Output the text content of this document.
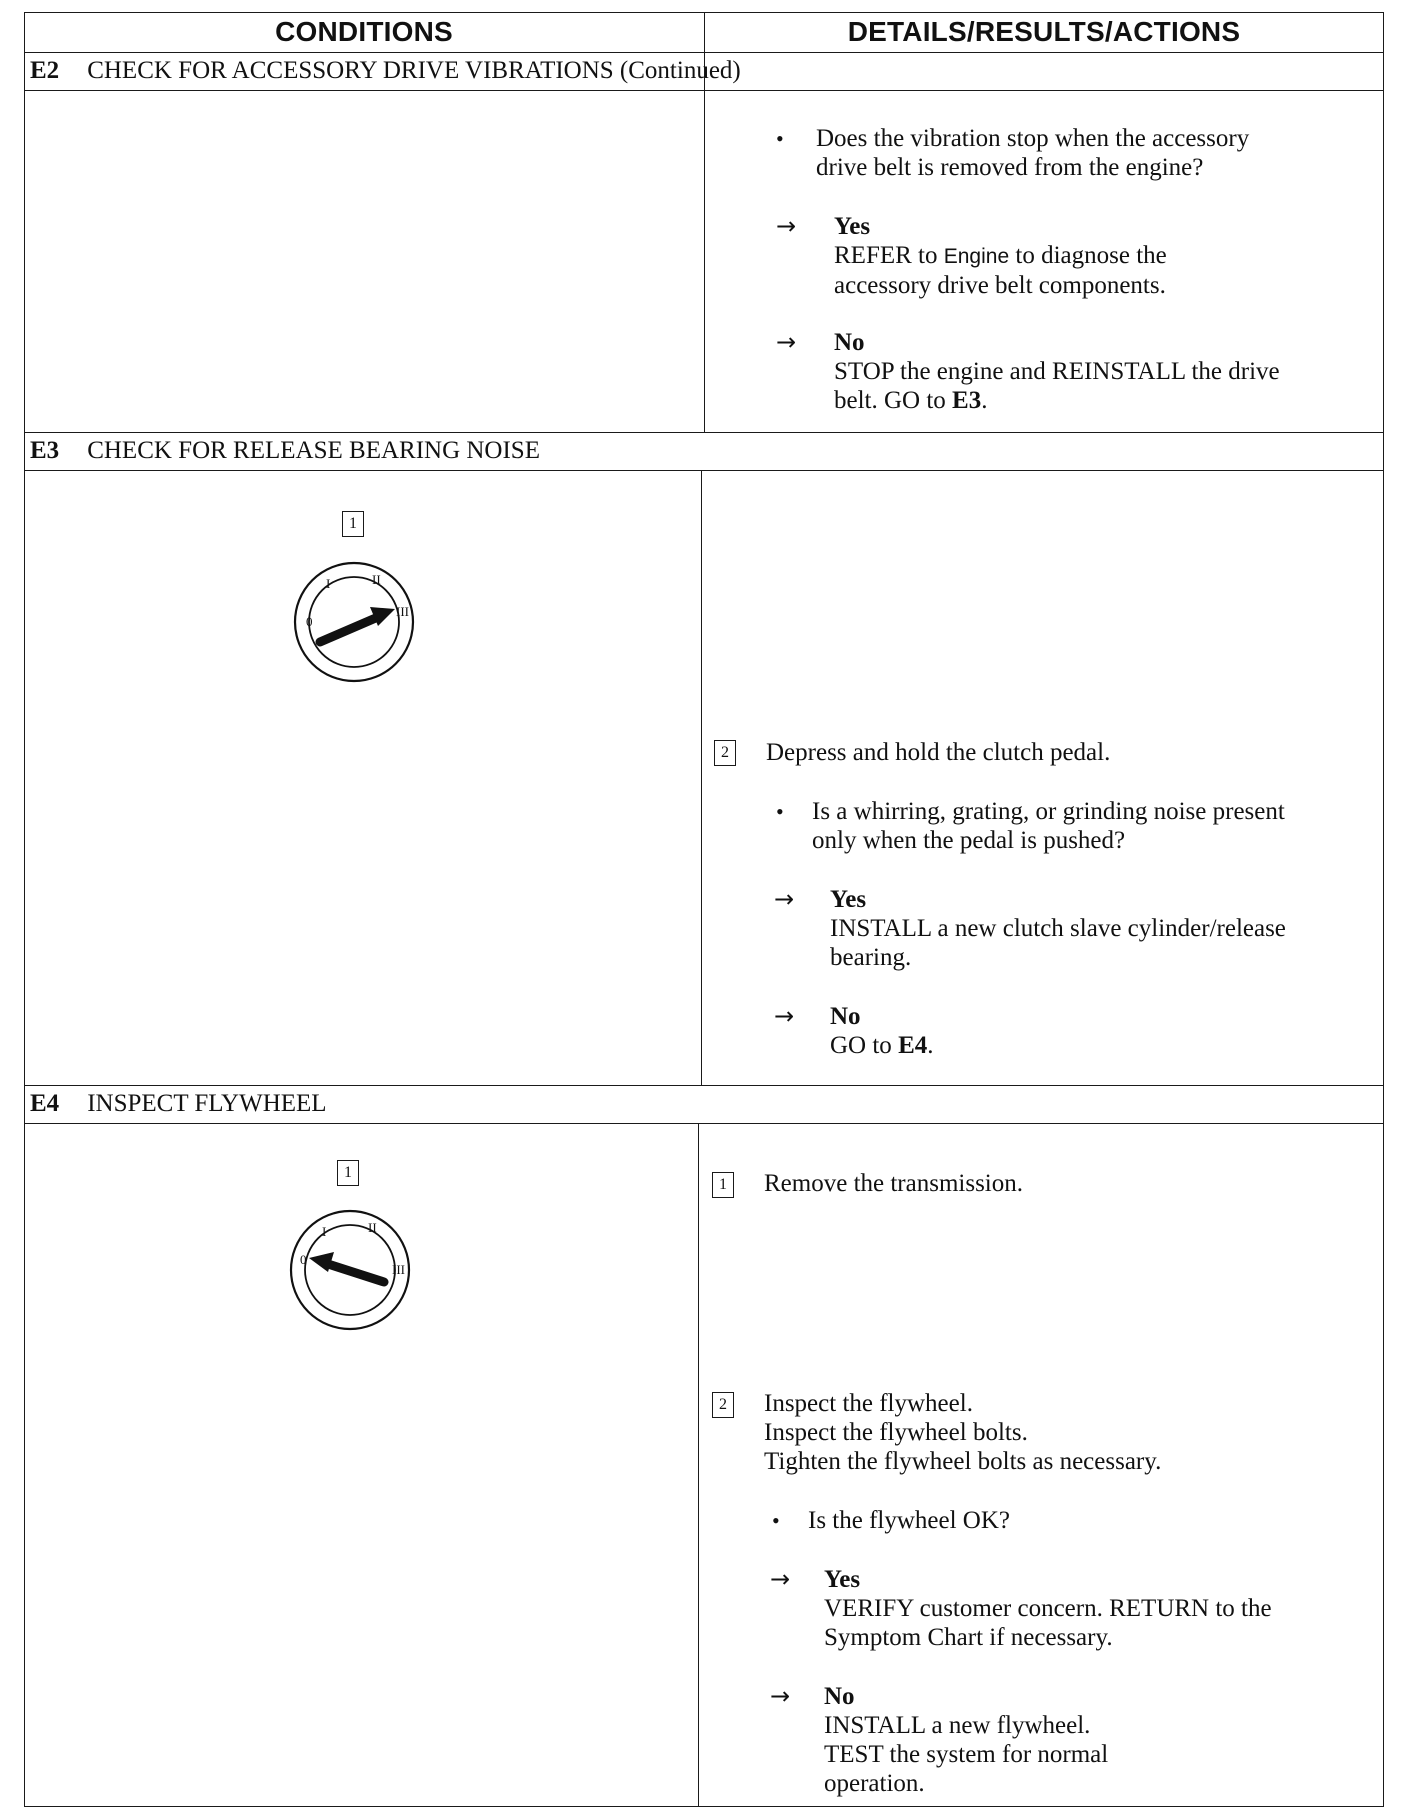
CONDITIONS	DETAILS/RESULTS/ACTIONS
E2 CHECK FOR ACCESSORY DRIVE VIBRATIONS (Continued)
• Does the vibration stop when the accessory
drive belt is removed from the engine?
→ Yes
REFER to Engine to diagnose the
accessory drive belt components.
→ No
STOP the engine and REINSTALL the drive
belt. GO to E3.
E3 CHECK FOR RELEASE BEARING NOISE
1
0
I	II
III
2 Depress and hold the clutch pedal.
• Is a whirring, grating, or grinding noise present
only when the pedal is pushed?
→ Yes
INSTALL a new clutch slave cylinder/release
bearing.
→ No
GO to E4.
E4 INSPECT FLYWHEEL
1
0
I	II
III
1 Remove the transmission.
2 Inspect the flywheel.
Inspect the flywheel bolts.
Tighten the flywheel bolts as necessary.
• Is the flywheel OK?
→ Yes
VERIFY customer concern. RETURN to the
Symptom Chart if necessary.
→ No
INSTALL a new flywheel.
TEST the system for normal
operation.
